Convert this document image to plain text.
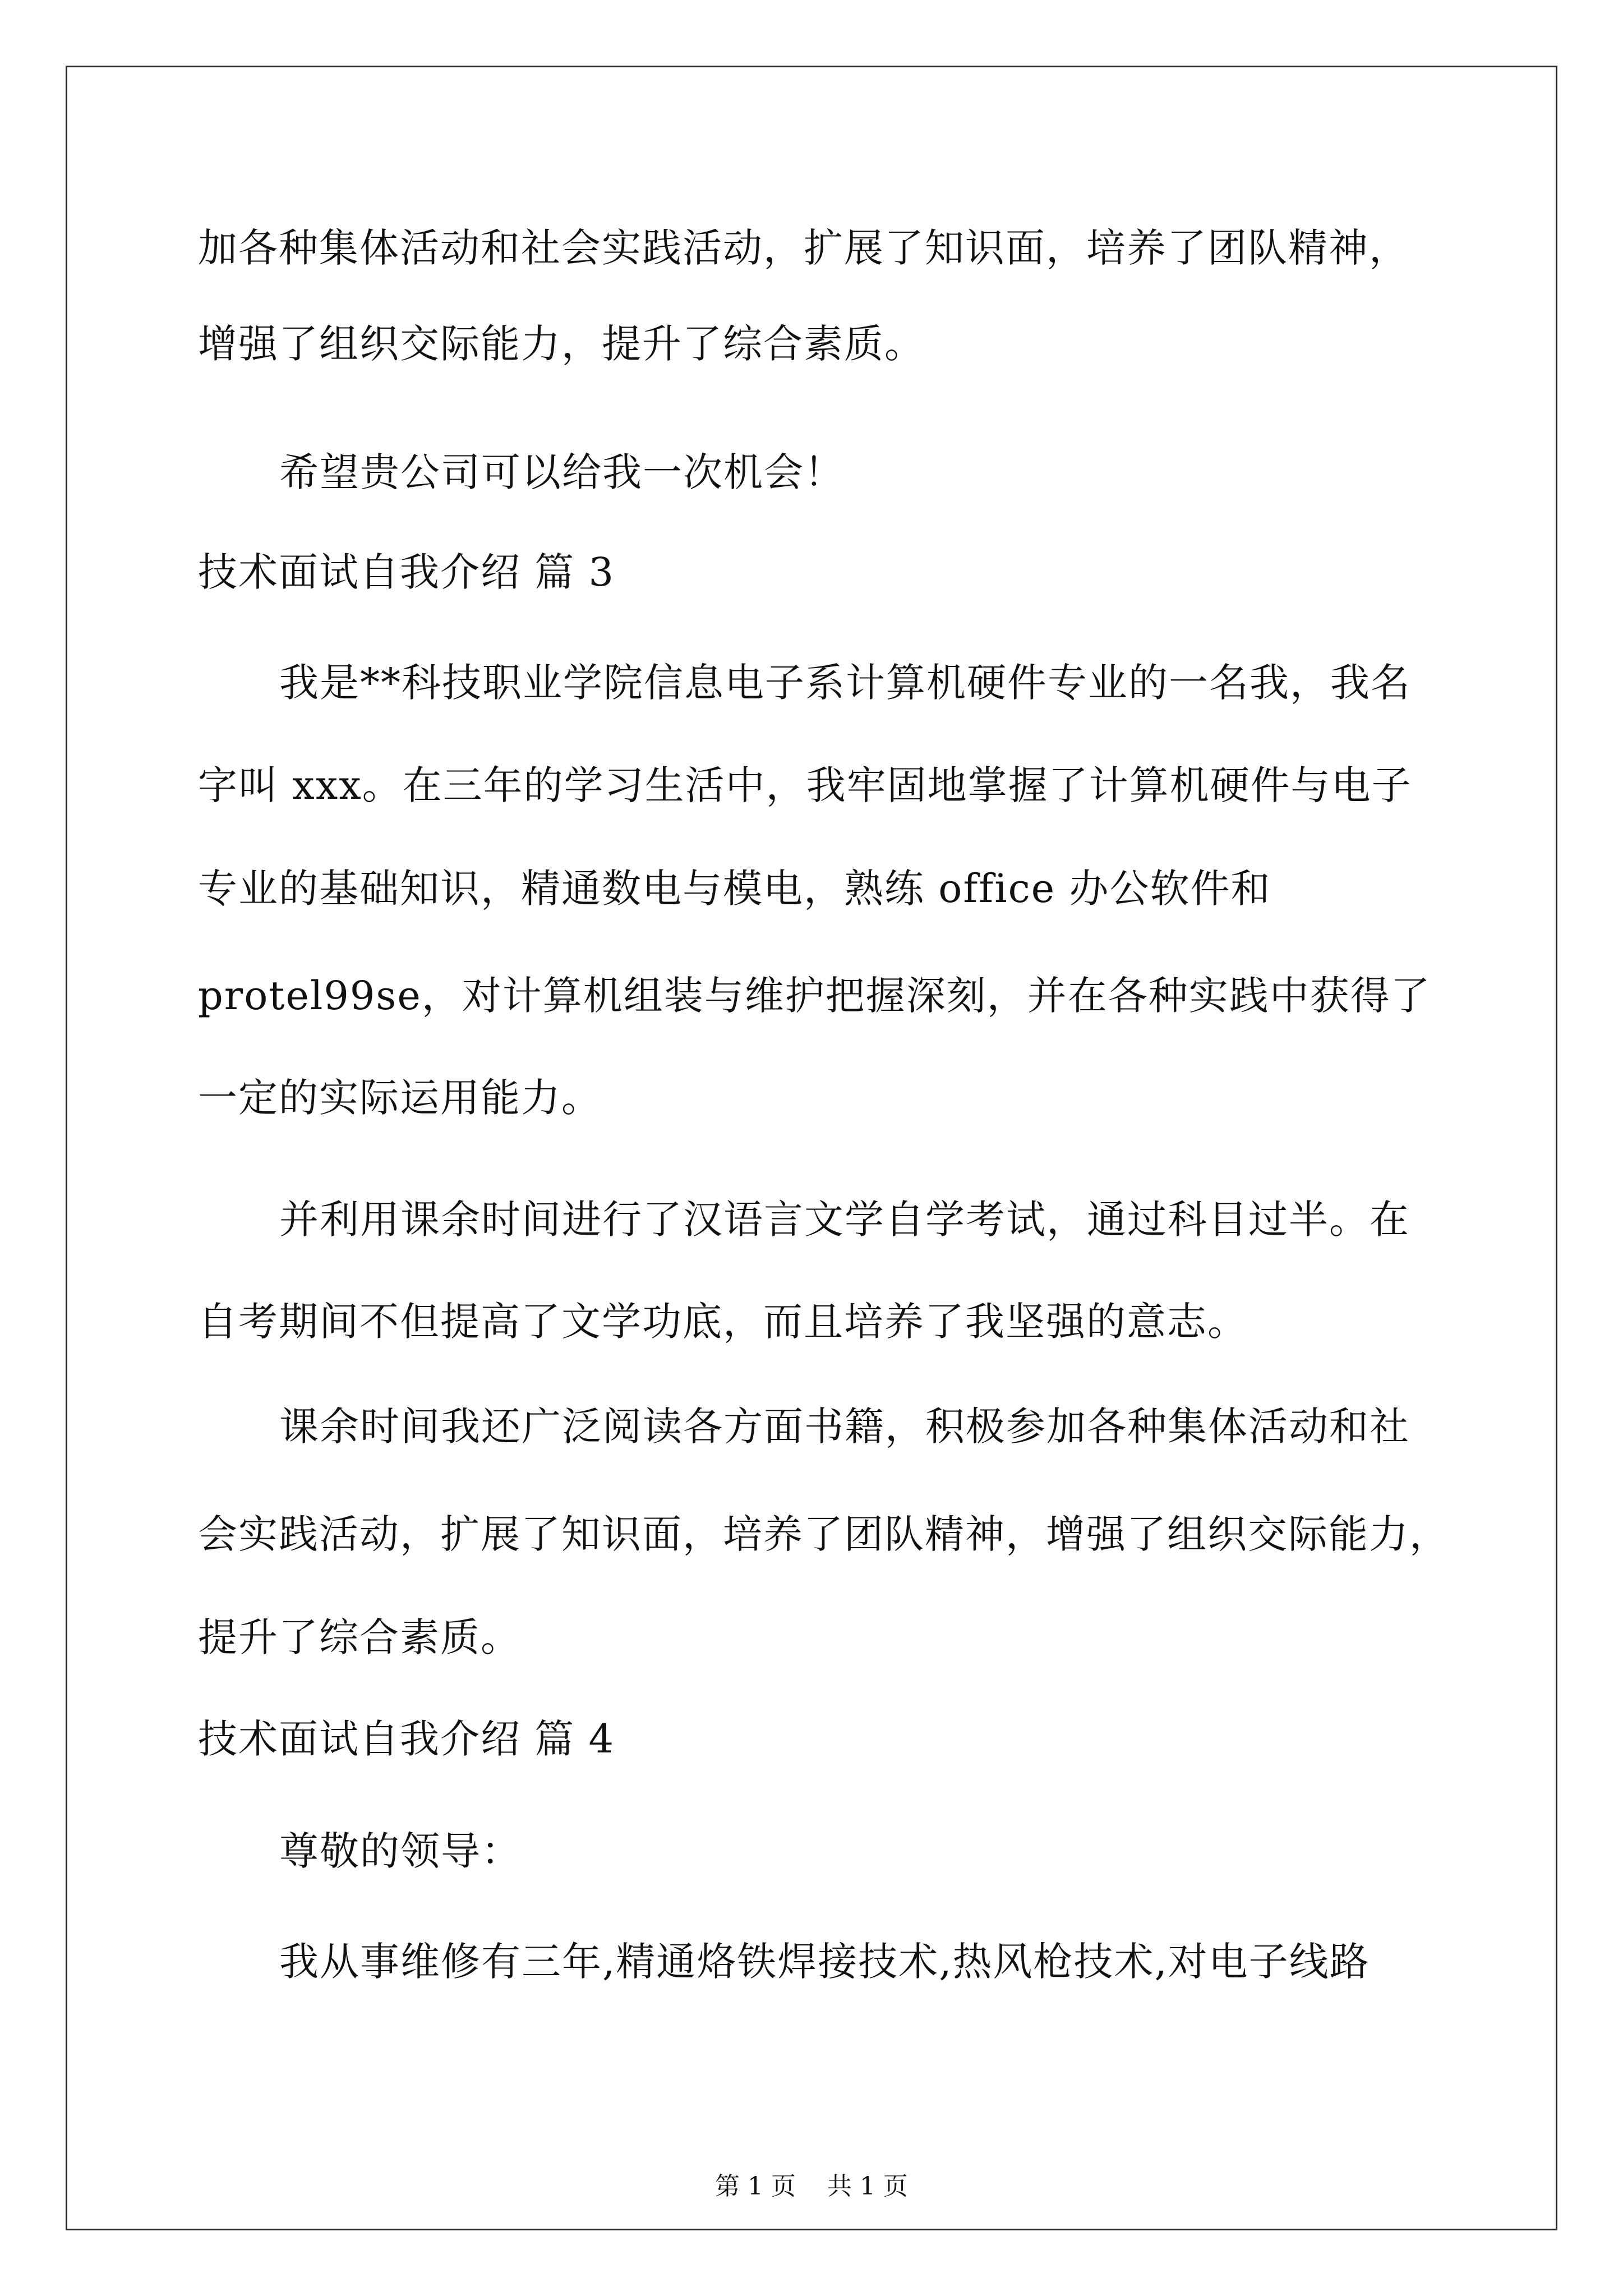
加各种集体活动和社会实践活动，扩展了知识面，培养了团队精神，
增强了组织交际能力，提升了综合素质。
希望贵公司可以给我一次机会！
技术面试自我介绍 篇 3
我是**科技职业学院信息电子系计算机硬件专业的一名我，我名
字叫 xxx。在三年的学习生活中，我牢固地掌握了计算机硬件与电子
专业的基础知识，精通数电与模电，熟练 office 办公软件和
protel99se，对计算机组装与维护把握深刻，并在各种实践中获得了
一定的实际运用能力。
并利用课余时间进行了汉语言文学自学考试，通过科目过半。在
自考期间不但提高了文学功底，而且培养了我坚强的意志。
课余时间我还广泛阅读各方面书籍，积极参加各种集体活动和社
会实践活动，扩展了知识面，培养了团队精神，增强了组织交际能力，
提升了综合素质。
技术面试自我介绍 篇 4
尊敬的领导：
我从事维修有三年,精通烙铁焊接技术,热风枪技术,对电子线路
第 1 页    共 1 页
